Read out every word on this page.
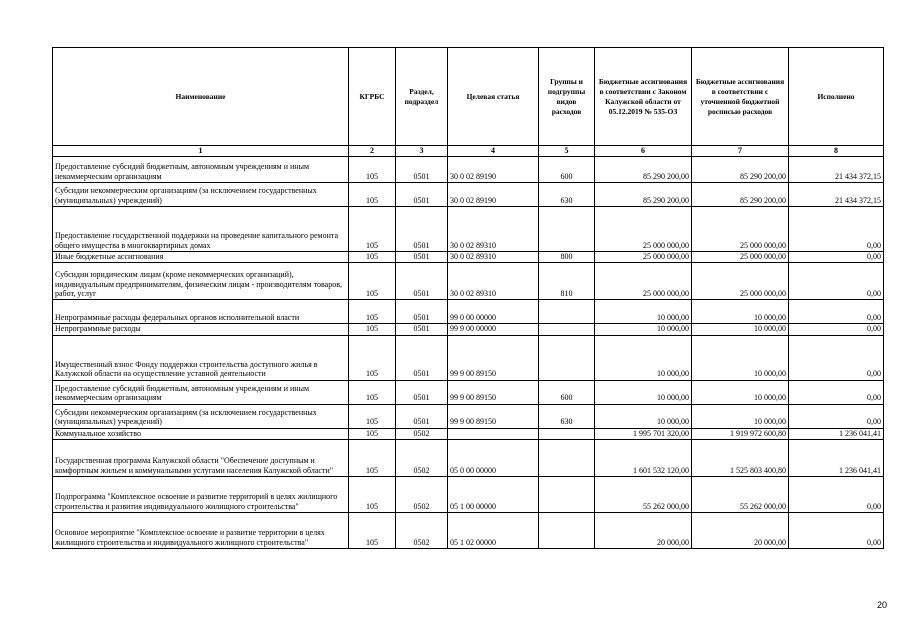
Наименование	КГРБС	Раздел, подраздел	Целевая статья	Группы и подгруппы видов расходов	Бюджетные ассигнования в соответствии с Законом Калужской области от 05.12.2019 № 535-ОЗ	Бюджетные ассигнования в соответствии с уточненной бюджетной росписью расходов	Исполнено
1	2	3	4	5	6	7	8
Предоставление субсидий бюджетным, автономным учреждениям и иным некоммерческим организациям	105	0501	30 0 02 89190	600	85 290 200,00	85 290 200,00	21 434 372,15
Субсидии некоммерческим организациям (за исключением государственных (муниципальных) учреждений)	105	0501	30 0 02 89190	630	85 290 200,00	85 290 200,00	21 434 372,15
Предоставление государственной поддержки на проведение капитального ремонта общего имущества в многоквартирных домах	105	0501	30 0 02 89310		25 000 000,00	25 000 000,00	0,00
Иные бюджетные ассигнования	105	0501	30 0 02 89310	800	25 000 000,00	25 000 000,00	0,00
Субсидии юридическим лицам (кроме некоммерческих организаций), индивидуальным предпринимателям, физическим лицам - производителям товаров, работ, услуг	105	0501	30 0 02 89310	810	25 000 000,00	25 000 000,00	0,00
Непрограммные расходы федеральных органов исполнительной власти	105	0501	99 0 00 00000		10 000,00	10 000,00	0,00
Непрограммные расходы	105	0501	99 9 00 00000		10 000,00	10 000,00	0,00
Имущественный взнос Фонду поддержки строительства доступного жилья в Калужской области на осуществление уставной деятельности	105	0501	99 9 00 89150		10 000,00	10 000,00	0,00
Предоставление субсидий бюджетным, автономным учреждениям и иным некоммерческим организациям	105	0501	99 9 00 89150	600	10 000,00	10 000,00	0,00
Субсидии некоммерческим организациям (за исключением государственных (муниципальных) учреждений)	105	0501	99 9 00 89150	630	10 000,00	10 000,00	0,00
Коммунальное хозяйство	105	0502			1 995 701 320,00	1 919 972 600,80	1 236 041,41
Государственная программа Калужской области "Обеспечение доступным и комфортным жильем и коммунальными услугами населения Калужской области"	105	0502	05 0 00 00000		1 601 532 120,00	1 525 803 400,80	1 236 041,41
Подпрограмма "Комплексное освоение и развитие территорий в целях жилищного строительства и развития индивидуального жилищного строительства"	105	0502	05 1 00 00000		55 262 000,00	55 262 000,00	0,00
Основное мероприятие "Комплексное освоение и развитие территории в целях жилищного строительства и индивидуального жилищного строительства"	105	0502	05 1 02 00000		20 000,00	20 000,00	0,00
20
